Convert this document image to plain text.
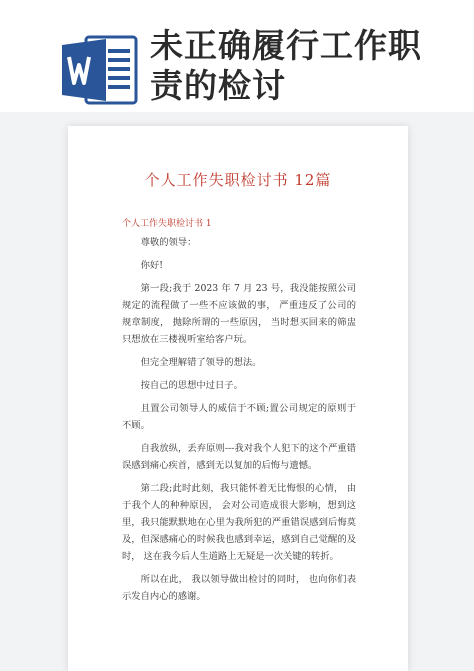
未正确履行工作职责的检讨
个人工作失职检讨书 12篇
个人工作失职检讨书 1

尊敬的领导：

你好!

第一段;我于 2023 年 7 月 23 号，我没能按照公司规定的流程做了一些不应该做的事， 严重违反了公司的规章制度， 抛除所谓的一些原因， 当时想买回来的筛盅只想放在三楼视听室给客户玩。

但完全理解错了领导的想法。

按自己的思想中过日子。

且置公司领导人的威信于不顾;置公司规定的原则于不顾。

自我放纵，丢弃原则---我对我个人犯下的这个严重错误感到痛心疾首，感到无以复加的后悔与遗憾。

第二段;此时此刻，我只能怀着无比悔恨的心情， 由于我个人的种种原因， 会对公司造成很大影响，想到这里，我只能默默地在心里为我所犯的严重错误感到后悔莫及，但深感痛心的时候我也感到幸运，感到自己觉醒的及时， 这在我今后人生道路上无疑是一次关键的转折。

所以在此， 我以领导做出检讨的同时， 也向你们表示发自内心的感谢。
